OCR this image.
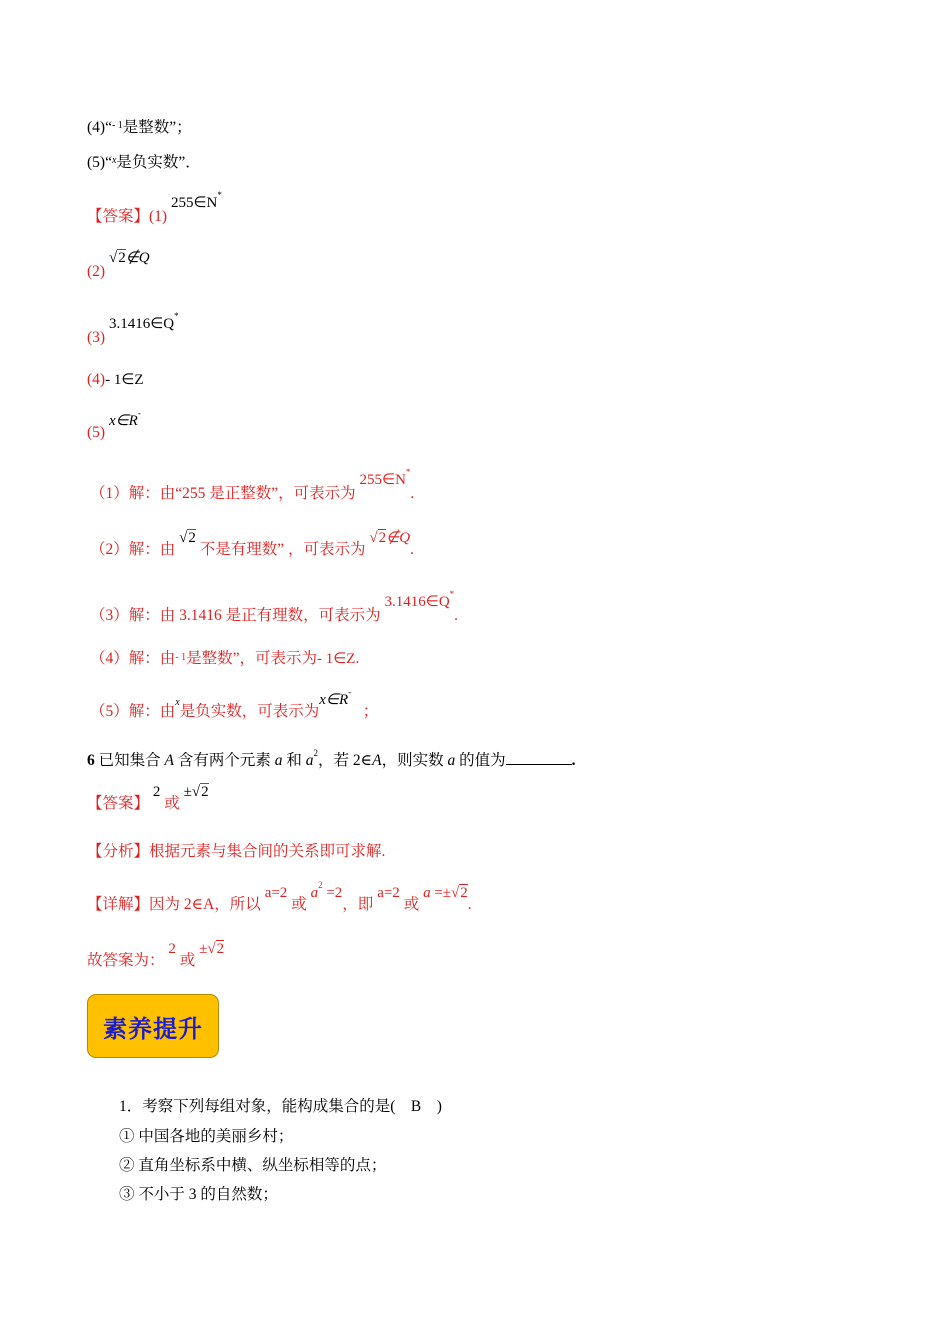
(4)“$^{- 1}$是整数”；
(5)“$^x$是负实数”．
【答案】(1) 255∈N*
(2) √2∉Q
(3) 3.1416∈Q*
(4)- 1∈Z
(5) x∈R-
（1）解：由“255 是正整数”，可表示为 255∈N*.
（2）解：由 √2 不是有理数” ，可表示为 √2∉Q.
（3）解：由 3.1416 是正有理数，可表示为 3.1416∈Q*.
（4）解：由- 1是整数”，可表示为- 1∈Z.
（5）解：由$^x$是负实数，可表示为x∈R-   ；
6 已知集合 A 含有两个元素 a 和 $a^2$，若 2∈A，则实数 a 的值为	.
【答案】 2 或 ±√2
【分析】根据元素与集合间的关系即可求解.
【详解】因为 2∈A，所以 a=2 或 $a^2 =2$，即 a=2 或 a =±√2.
故答案为： 2 或 ±√2
素养提升
1．考察下列每组对象，能构成集合的是(　B　)
① 中国各地的美丽乡村；
② 直角坐标系中横、纵坐标相等的点；
③ 不小于 3 的自然数；
